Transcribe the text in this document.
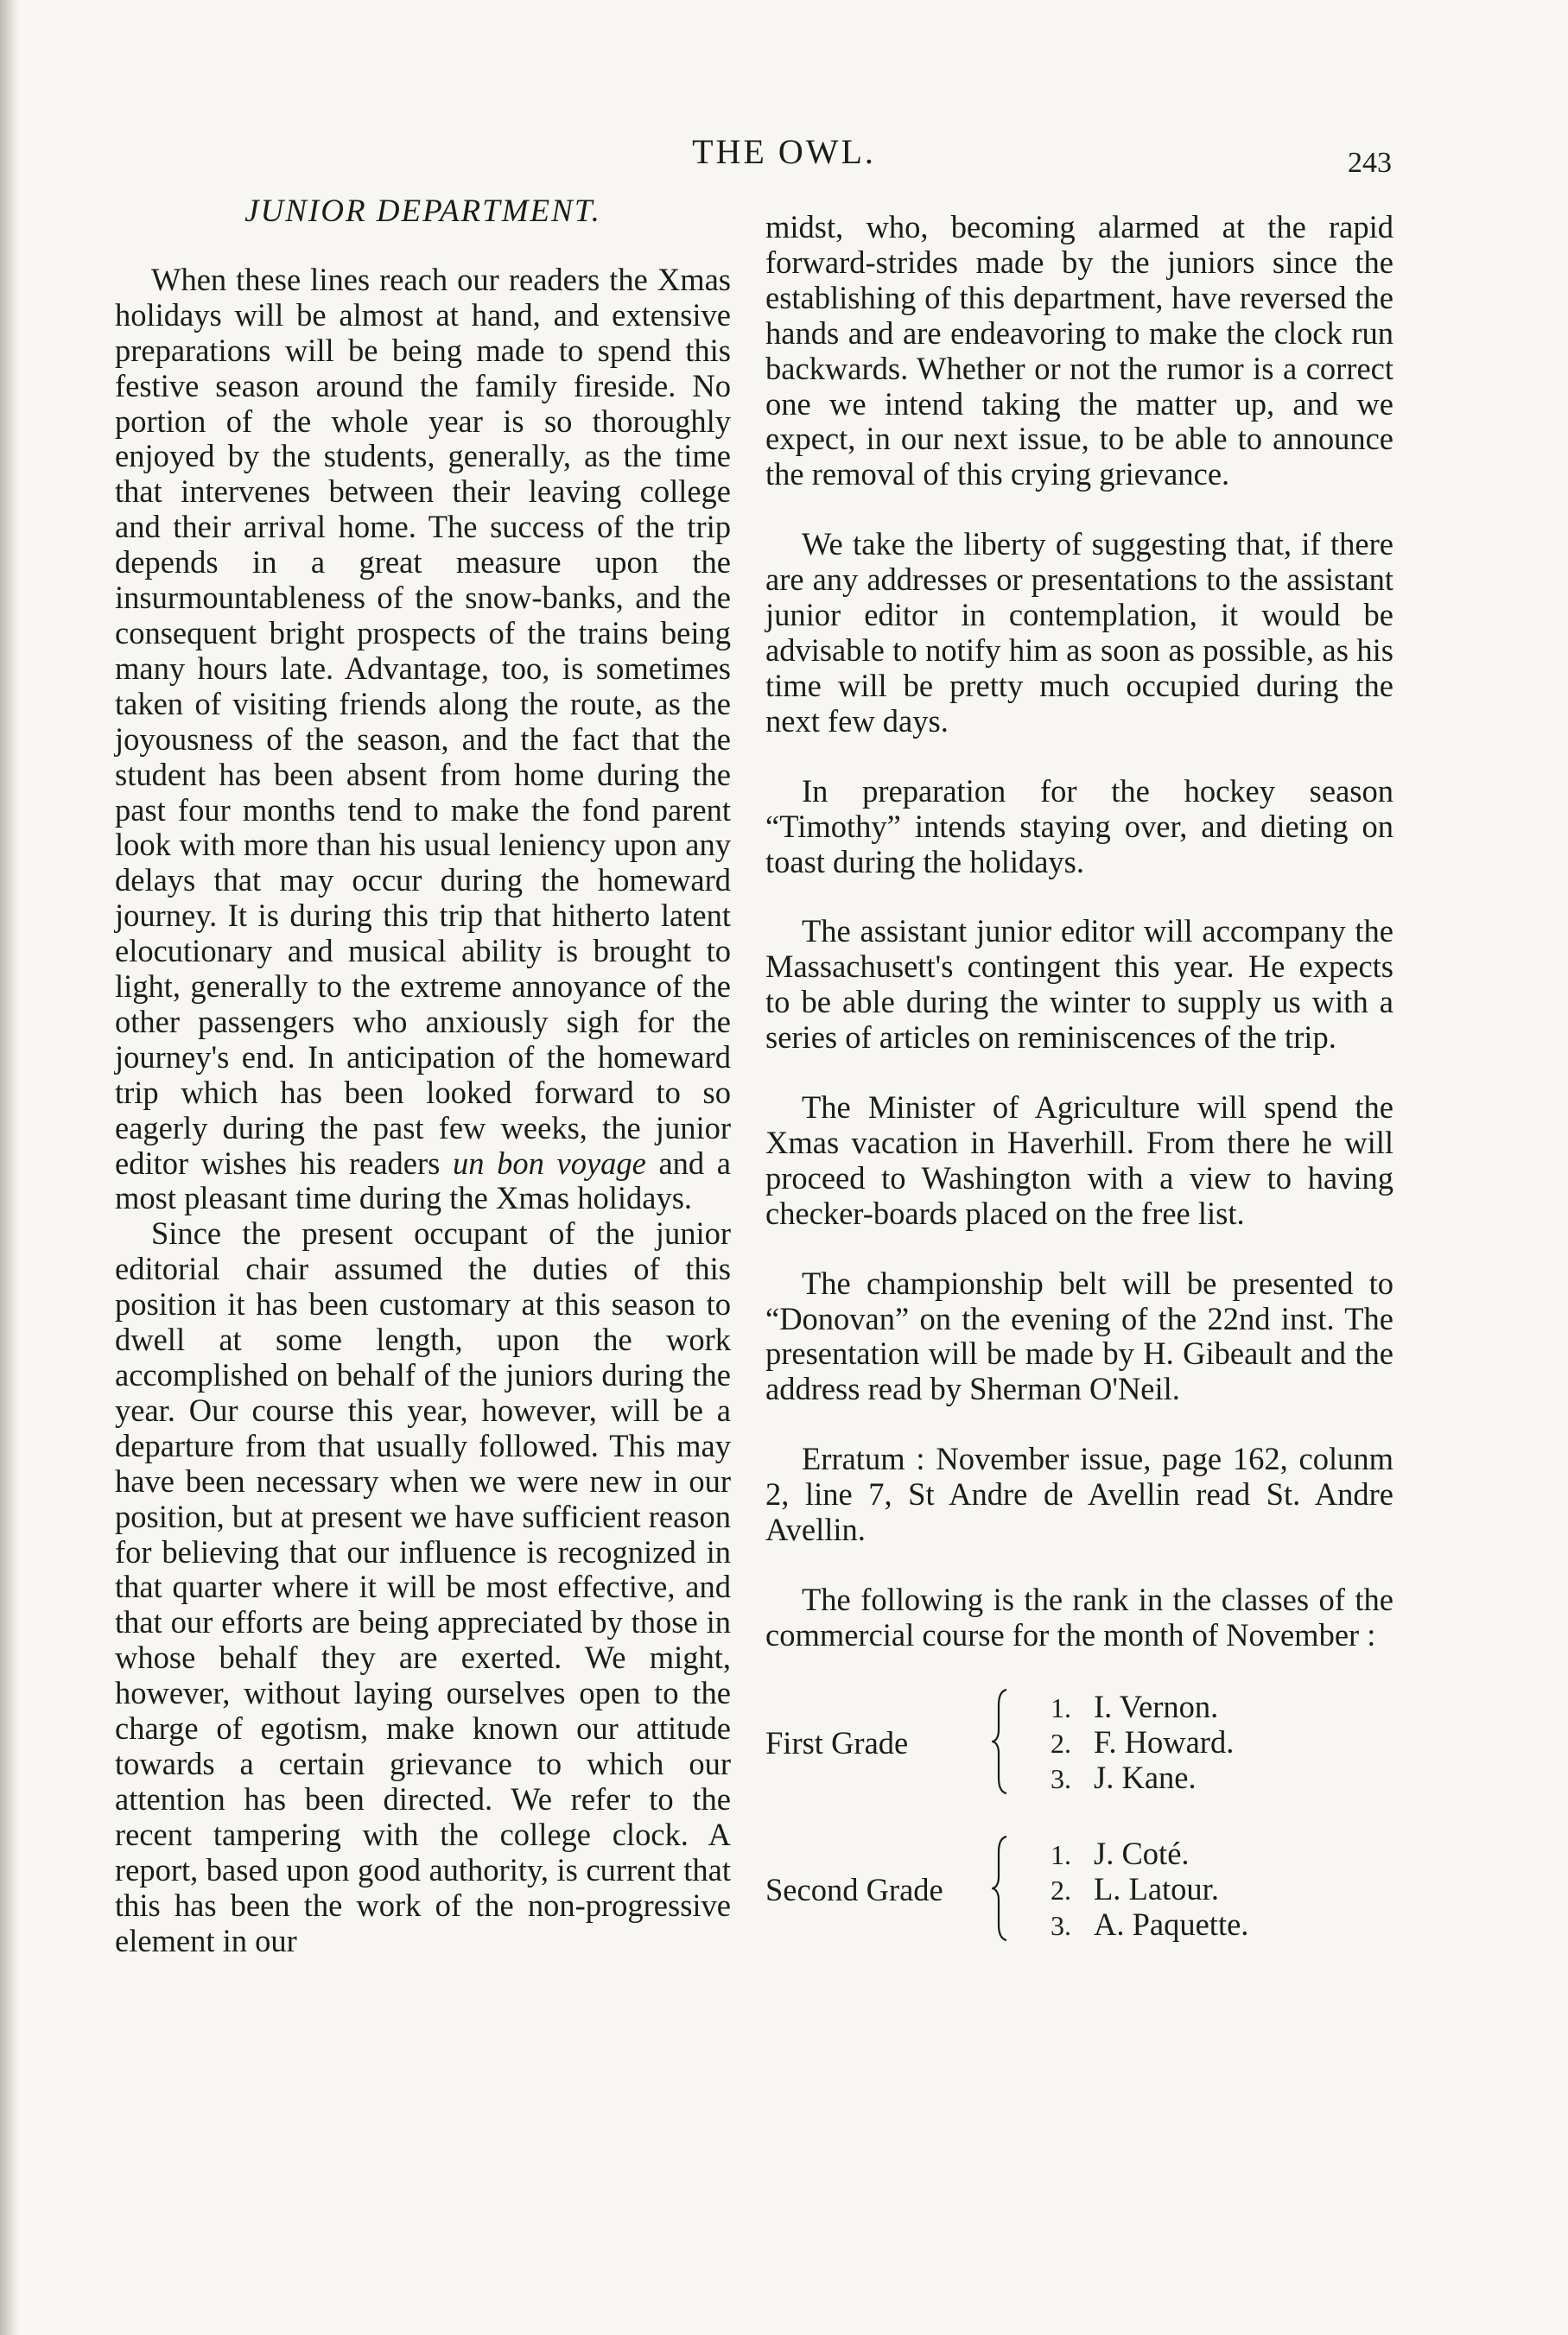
THE OWL.	243
JUNIOR DEPARTMENT.

When these lines reach our readers the Xmas holidays will be almost at hand, and extensive preparations will be being made to spend this festive season around the family fireside. No portion of the whole year is so thoroughly enjoyed by the students, generally, as the time that intervenes between their leaving college and their arrival home. The success of the trip depends in a great measure upon the insurmountableness of the snow-banks, and the consequent bright prospects of the trains being many hours late. Advantage, too, is sometimes taken of visiting friends along the route, as the joyousness of the season, and the fact that the student has been absent from home during the past four months tend to make the fond parent look with more than his usual leniency upon any delays that may occur during the homeward journey. It is during this trip that hitherto latent elocutionary and musical ability is brought to light, generally to the extreme annoyance of the other passengers who anxiously sigh for the journey's end. In anticipation of the homeward trip which has been looked forward to so eagerly during the past few weeks, the junior editor wishes his readers un bon voyage and a most pleasant time during the Xmas holidays.

Since the present occupant of the junior editorial chair assumed the duties of this position it has been customary at this season to dwell at some length, upon the work accomplished on behalf of the juniors during the year. Our course this year, however, will be a departure from that usually followed. This may have been necessary when we were new in our position, but at present we have sufficient reason for believing that our influence is recognized in that quarter where it will be most effective, and that our efforts are being appreciated by those in whose behalf they are exerted. We might, however, without laying ourselves open to the charge of egotism, make known our attitude towards a certain grievance to which our attention has been directed. We refer to the recent tampering with the college clock. A report, based upon good authority, is current that this has been the work of the non-progressive element in our

midst, who, becoming alarmed at the rapid forward-strides made by the juniors since the establishing of this department, have reversed the hands and are endeavoring to make the clock run backwards. Whether or not the rumor is a correct one we intend taking the matter up, and we expect, in our next issue, to be able to announce the removal of this crying grievance.

We take the liberty of suggesting that, if there are any addresses or presentations to the assistant junior editor in contemplation, it would be advisable to notify him as soon as possible, as his time will be pretty much occupied during the next few days.

In preparation for the hockey season “Timothy” intends staying over, and dieting on toast during the holidays.

The assistant junior editor will accompany the Massachusett's contingent this year. He expects to be able during the winter to supply us with a series of articles on reminiscences of the trip.

The Minister of Agriculture will spend the Xmas vacation in Haverhill. From there he will proceed to Washington with a view to having checker-boards placed on the free list.

The championship belt will be presented to “Donovan” on the evening of the 22nd inst. The presentation will be made by H. Gibeault and the address read by Sherman O'Neil.

Erratum : November issue, page 162, colunm 2, line 7, St Andre de Avellin read St. Andre Avellin.

The following is the rank in the classes of the commercial course for the month of November :

First Grade
1. I. Vernon.
2. F. Howard.
3. J. Kane.
Second Grade
1. J. Coté.
2. L. Latour.
3. A. Paquette.
